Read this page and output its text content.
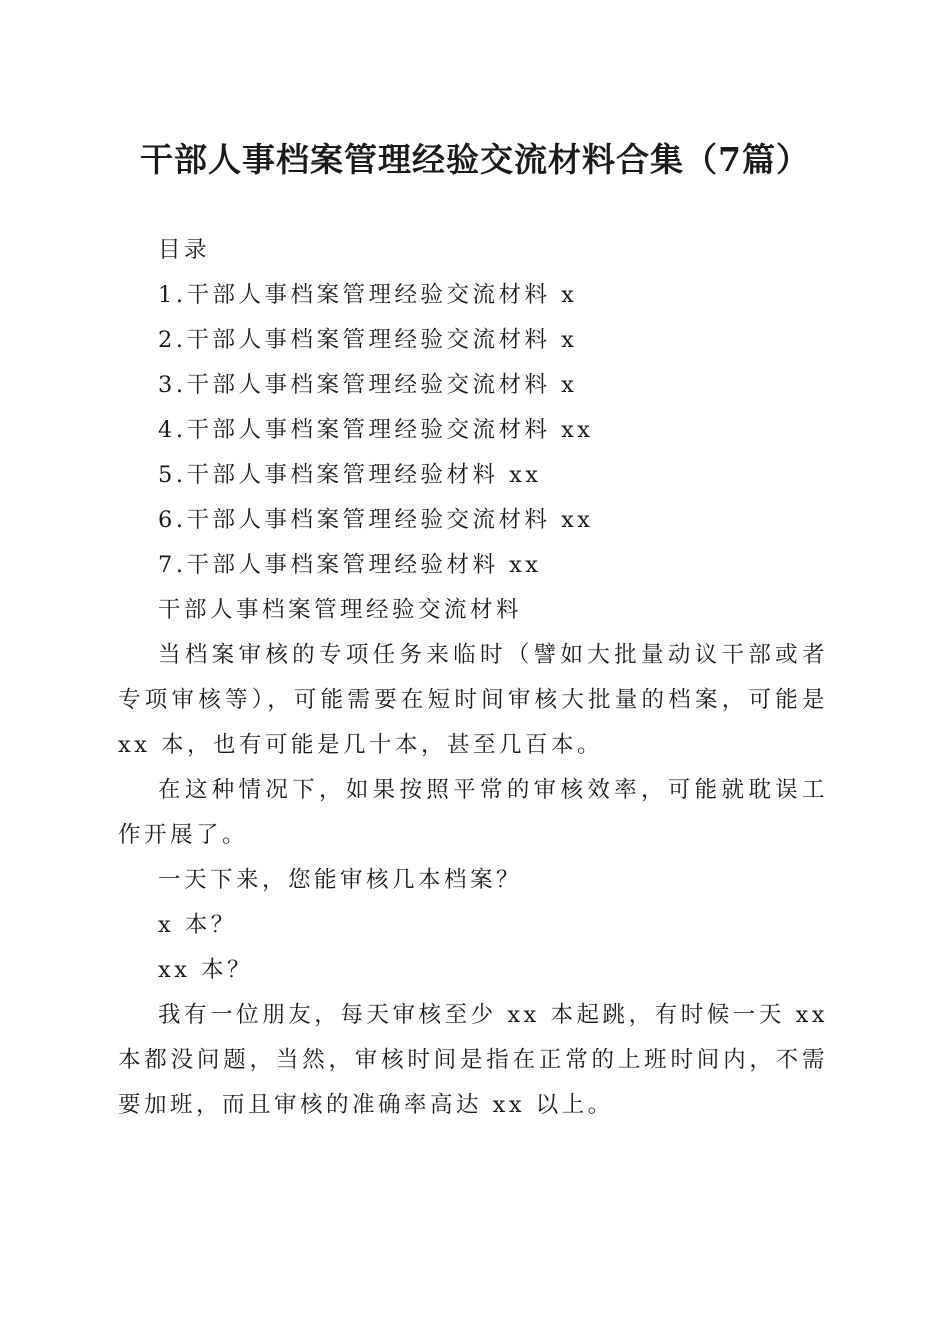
干部人事档案管理经验交流材料合集（7篇）

目录

1.干部人事档案管理经验交流材料 x

2.干部人事档案管理经验交流材料 x

3.干部人事档案管理经验交流材料 x

4.干部人事档案管理经验交流材料 xx

5.干部人事档案管理经验材料 xx

6.干部人事档案管理经验交流材料 xx

7.干部人事档案管理经验材料 xx

干部人事档案管理经验交流材料

当档案审核的专项任务来临时（譬如大批量动议干部或者专项审核等），可能需要在短时间审核大批量的档案，可能是 xx 本，也有可能是几十本，甚至几百本。

在这种情况下，如果按照平常的审核效率，可能就耽误工作开展了。

一天下来，您能审核几本档案？

x 本？

xx 本？

我有一位朋友，每天审核至少 xx 本起跳，有时候一天 xx 本都没问题，当然，审核时间是指在正常的上班时间内，不需要加班，而且审核的准确率高达 xx 以上。
